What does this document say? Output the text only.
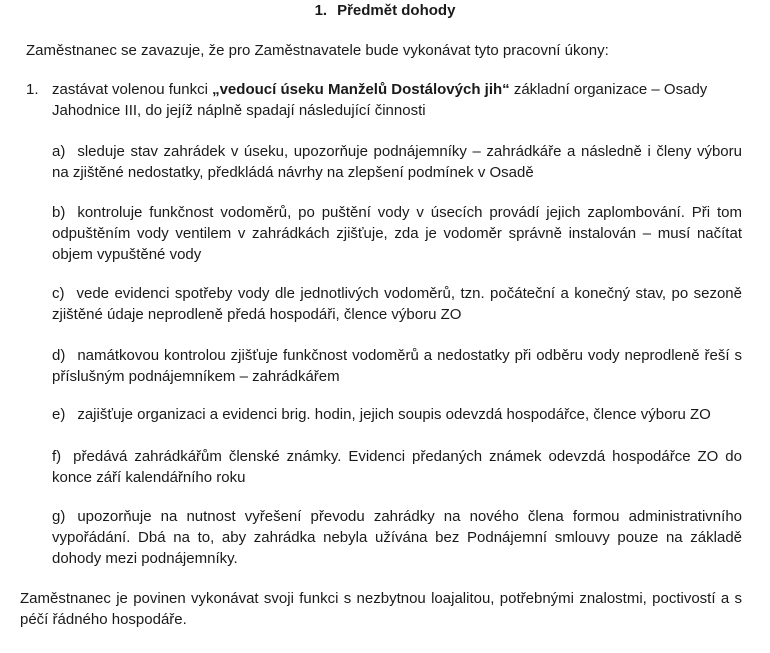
1. Předmět dohody
Zaměstnanec se zavazuje, že pro Zaměstnavatele bude vykonávat tyto pracovní úkony:
1. zastávat volenou funkci „vedoucí úseku Manželů Dostálových jih“ základní organizace – Osady Jahodnice III, do jejíž náplně spadají následující činnosti
a) sleduje stav zahrádek v úseku, upozorňuje podnájemníky – zahrádkáře a následně i členy výboru na zjištěné nedostatky, předkládá návrhy na zlepšení podmínek v Osadě
b) kontroluje funkčnost vodoměrů, po puštění vody v úsecích provádí jejich zaplombování. Při tom odpuštěním vody ventilem v zahrádkách zjišťuje, zda je vodoměr správně instalován – musí načítat objem vypuštěné vody
c) vede evidenci spotřeby vody dle jednotlivých vodoměrů, tzn. počáteční a konečný stav, po sezoně zjištěné údaje neprodleně předá hospodáři, člence výboru ZO
d) namátkovou kontrolou zjišťuje funkčnost vodoměrů a nedostatky při odběru vody neprodleně řeší s příslušným podnájemníkem – zahrádkářem
e) zajišťuje organizaci a evidenci brig. hodin, jejich soupis odevzdá hospodářce, člence výboru ZO
f) předává zahrádkářům členské známky. Evidenci předaných známek odevzdá hospodářce ZO do konce září kalendářního roku
g) upozorňuje na nutnost vyřešení převodu zahrádky na nového člena formou administrativního vypořádání. Dbá na to, aby zahrádka nebyla užívána bez Podnájemní smlouvy pouze na základě dohody mezi podnájemníky.
Zaměstnanec je povinen vykonávat svoji funkci s nezbytnou loajalitou, potřebnými znalostmi, poctivostí a s péčí řádného hospodáře.
